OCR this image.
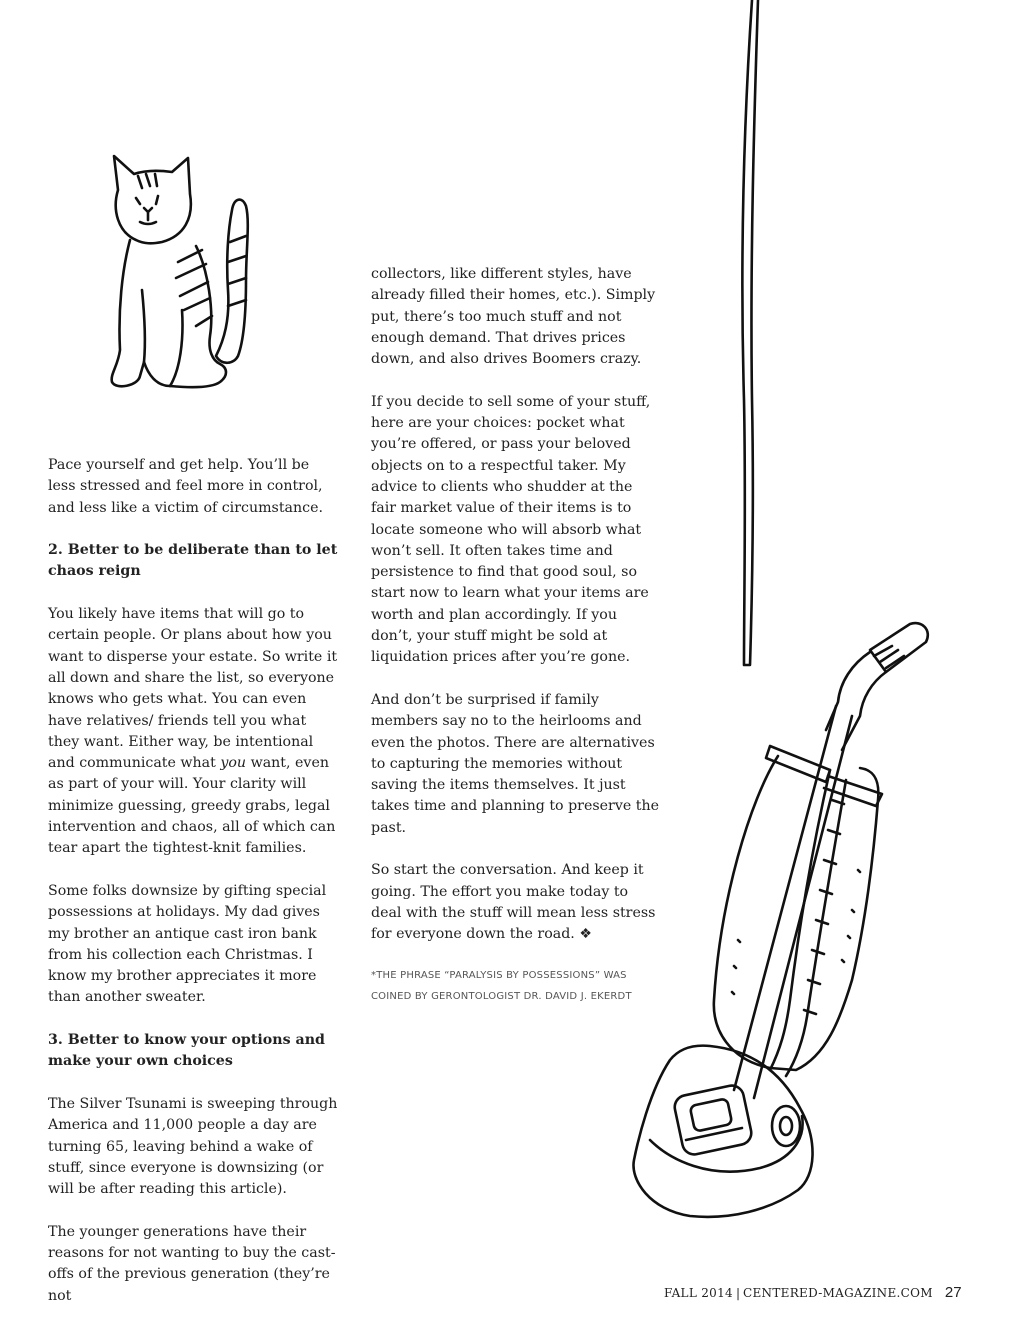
Pace yourself and get help. You’ll be less stressed and feel more in control, and less like a victim of circumstance.

2. Better to be deliberate than to let chaos reign

You likely have items that will go to certain people. Or plans about how you want to disperse your estate. So write it all down and share the list, so everyone knows who gets what. You can even have relatives/ friends tell you what they want. Either way, be intentional and communicate what you want, even as part of your will. Your clarity will minimize guessing, greedy grabs, legal intervention and chaos, all of which can tear apart the tightest-knit families.

Some folks downsize by gifting special possessions at holidays. My dad gives my brother an antique cast iron bank from his collection each Christmas. I know my brother appreciates it more than another sweater.

3. Better to know your options and make your own choices

The Silver Tsunami is sweeping through America and 11,000 people a day are turning 65, leaving behind a wake of stuff, since everyone is downsizing (or will be after reading this article).

The younger generations have their reasons for not wanting to buy the cast-offs of the previous generation (they’re not

collectors, like different styles, have already filled their homes, etc.). Simply put, there’s too much stuff and not enough demand. That drives prices down, and also drives Boomers crazy.

If you decide to sell some of your stuff, here are your choices: pocket what you’re offered, or pass your beloved objects on to a respectful taker. My advice to clients who shudder at the fair market value of their items is to locate someone who will absorb what won’t sell. It often takes time and persistence to find that good soul, so start now to learn what your items are worth and plan accordingly. If you don’t, your stuff might be sold at liquidation prices after you’re gone.

And don’t be surprised if family members say no to the heirlooms and even the photos. There are alternatives to capturing the memories without saving the items themselves. It just takes time and planning to preserve the past.

So start the conversation. And keep it going. The effort you make today to deal with the stuff will mean less stress for everyone down the road. ❖

*THE PHRASE “PARALYSIS BY POSSESSIONS” WAS COINED BY GERONTOLOGIST DR. DAVID J. EKERDT
FALL 2014 | CENTERED-MAGAZINE.COM 27
